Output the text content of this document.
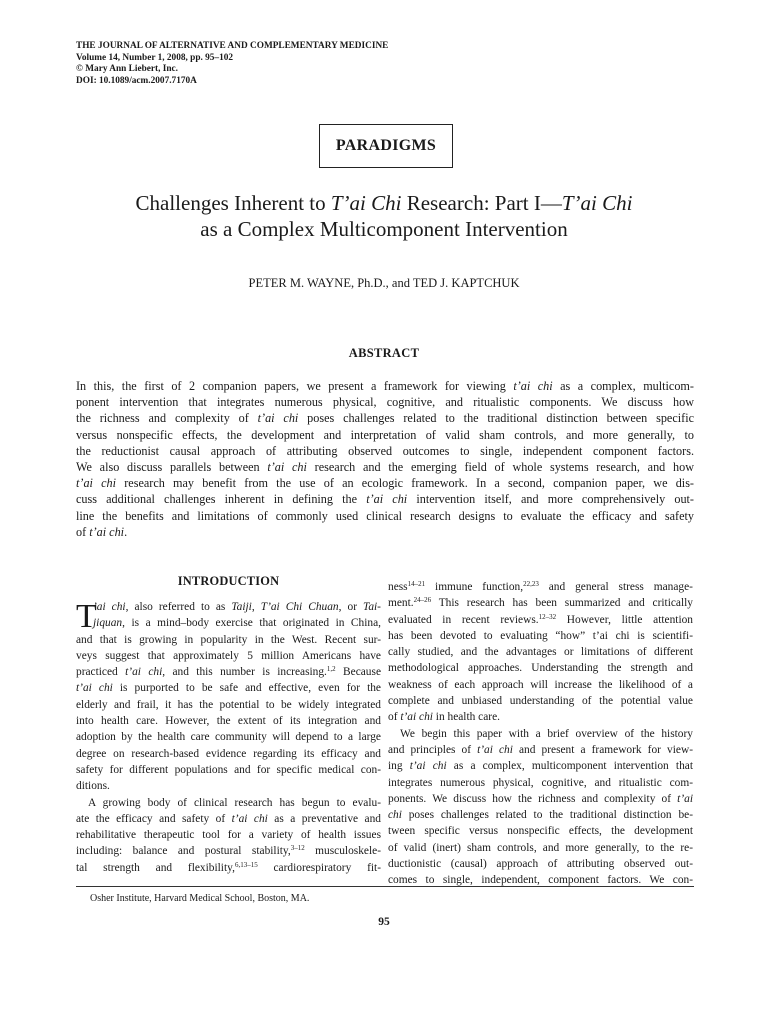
THE JOURNAL OF ALTERNATIVE AND COMPLEMENTARY MEDICINE
Volume 14, Number 1, 2008, pp. 95–102
© Mary Ann Liebert, Inc.
DOI: 10.1089/acm.2007.7170A
PARADIGMS
Challenges Inherent to T’ai Chi Research: Part I—T’ai Chi
as a Complex Multicomponent Intervention
PETER M. WAYNE, Ph.D., and TED J. KAPTCHUK
ABSTRACT
In this, the first of 2 companion papers, we present a framework for viewing t’ai chi as a complex, multicom-
ponent intervention that integrates numerous physical, cognitive, and ritualistic components. We discuss how
the richness and complexity of t’ai chi poses challenges related to the traditional distinction between specific
versus nonspecific effects, the development and interpretation of valid sham controls, and more generally, to
the reductionist causal approach of attributing observed outcomes to single, independent component factors.
We also discuss parallels between t’ai chi research and the emerging field of whole systems research, and how
t’ai chi research may benefit from the use of an ecologic framework. In a second, companion paper, we dis-
cuss additional challenges inherent in defining the t’ai chi intervention itself, and more comprehensively out-
line the benefits and limitations of commonly used clinical research designs to evaluate the efficacy and safety
of t’ai chi.
INTRODUCTION
T
’ai chi, also referred to as Taiji, T’ai Chi Chuan, or Tai-
jiquan, is a mind–body exercise that originated in China,
and that is growing in popularity in the West. Recent sur-
veys suggest that approximately 5 million Americans have
practiced t’ai chi, and this number is increasing.$^{1,2}$ Because
t’ai chi is purported to be safe and effective, even for the
elderly and frail, it has the potential to be widely integrated
into health care. However, the extent of its integration and
adoption by the health care community will depend to a large
degree on research-based evidence regarding its efficacy and
safety for different populations and for specific medical con-
ditions.
A growing body of clinical research has begun to evalu-
ate the efficacy and safety of t’ai chi as a preventative and
rehabilitative therapeutic tool for a variety of health issues
including: balance and postural stability,$^{3-12}$ musculoskele-
tal strength and flexibility,$^{6,13-15}$ cardiorespiratory fit-
ness$^{14-21}$ immune function,$^{22,23}$ and general stress manage-
ment.$^{24-26}$ This research has been summarized and critically
evaluated in recent reviews.$^{12-32}$ However, little attention
has been devoted to evaluating “how” t’ai chi is scientifi-
cally studied, and the advantages or limitations of different
methodological approaches. Understanding the strength and
weakness of each approach will increase the likelihood of a
complete and unbiased understanding of the potential value
of t’ai chi in health care.
We begin this paper with a brief overview of the history
and principles of t’ai chi and present a framework for view-
ing t’ai chi as a complex, multicomponent intervention that
integrates numerous physical, cognitive, and ritualistic com-
ponents. We discuss how the richness and complexity of t’ai
chi poses challenges related to the traditional distinction be-
tween specific versus nonspecific effects, the development
of valid (inert) sham controls, and more generally, to the re-
ductionistic (causal) approach of attributing observed out-
comes to single, independent, component factors. We con-
Osher Institute, Harvard Medical School, Boston, MA.
95
